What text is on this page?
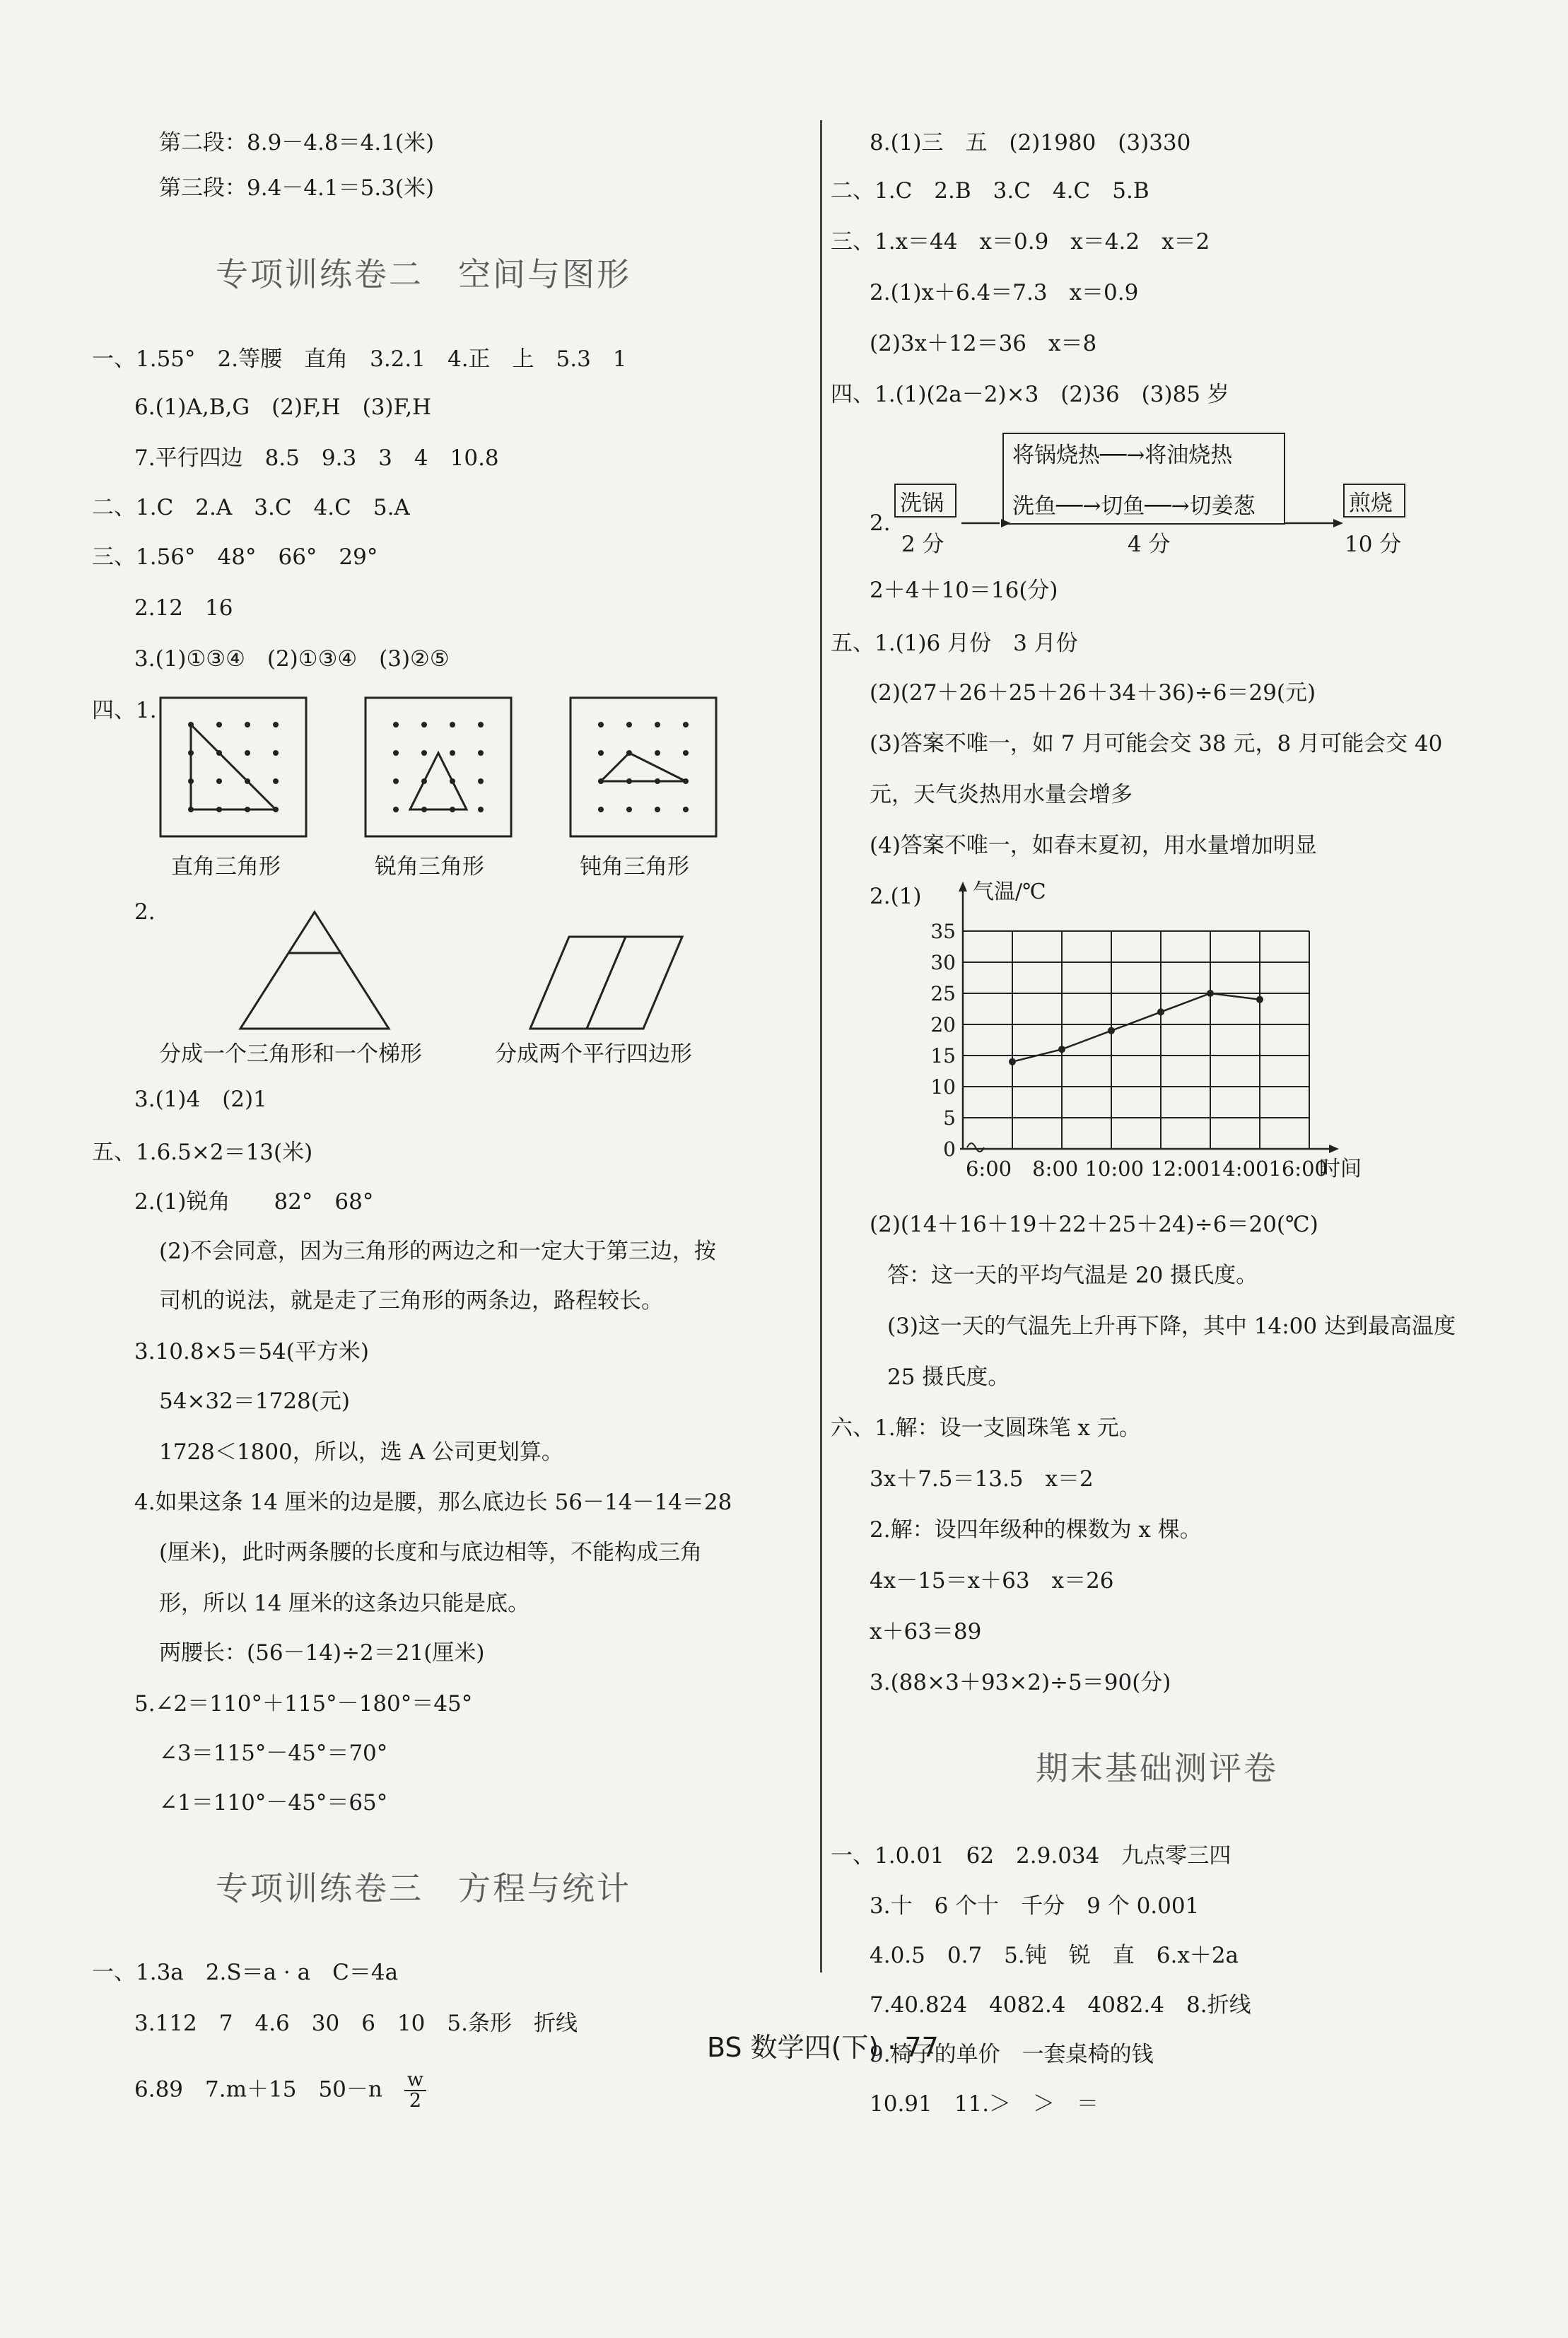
第二段：8.9－4.8＝4.1(米)
第三段：9.4－4.1＝5.3(米)
专项训练卷二　空间与图形
一、1.55°　2.等腰　直角　3.2.1　4.正　上　5.3　1
6.(1)A,B,G　(2)F,H　(3)F,H
7.平行四边　8.5　9.3　3　4　10.8
二、1.C　2.A　3.C　4.C　5.A
三、1.56°　48°　66°　29°
2.12　16
3.(1)①③④　(2)①③④　(3)②⑤
四、1.
直角三角形	锐角三角形	钝角三角形
2.
分成一个三角形和一个梯形	分成两个平行四边形
3.(1)4　(2)1
五、1.6.5×2＝13(米)
2.(1)锐角　　82°　68°
(2)不会同意，因为三角形的两边之和一定大于第三边，按
司机的说法，就是走了三角形的两条边，路程较长。
3.10.8×5＝54(平方米)
54×32＝1728(元)
1728＜1800，所以，选 A 公司更划算。
4.如果这条 14 厘米的边是腰，那么底边长 56－14－14＝28
(厘米)，此时两条腰的长度和与底边相等，不能构成三角
形，所以 14 厘米的这条边只能是底。
两腰长：(56－14)÷2＝21(厘米)
5.∠2＝110°＋115°－180°＝45°
∠3＝115°－45°＝70°
∠1＝110°－45°＝65°
专项训练卷三　方程与统计
一、1.3a　2.S＝a · a　C＝4a
3.112　7　4.6　30　6　10　5.条形　折线
6.89　7.m＋15　50－n　 $\frac{w}{2}$
8.(1)三　五　(2)1980　(3)330
二、1.C　2.B　3.C　4.C　5.B
三、1.x＝44　x＝0.9　x＝4.2　x＝2
2.(1)x＋6.4＝7.3　x＝0.9
(2)3x＋12＝36　x＝8
四、1.(1)(2a－2)×3　(2)36　(3)85 岁
将锅烧热──→将油烧热
洗鱼──→切鱼──→切姜葱
洗锅	煎烧
2.
2 分	4 分	10 分
2＋4＋10＝16(分)
五、1.(1)6 月份　3 月份
(2)(27＋26＋25＋26＋34＋36)÷6＝29(元)
(3)答案不唯一，如 7 月可能会交 38 元，8 月可能会交 40
元，天气炎热用水量会增多
(4)答案不唯一，如春末夏初，用水量增加明显
2.(1) 气温/℃
时间
0
5
10
15
20
25
30
35
6:00　8:00 10:00 12:0014:0016:00
(2)(14＋16＋19＋22＋25＋24)÷6＝20(℃)
答：这一天的平均气温是 20 摄氏度。
(3)这一天的气温先上升再下降，其中 14:00 达到最高温度
25 摄氏度。
六、1.解：设一支圆珠笔 x 元。
3x＋7.5＝13.5　x＝2
2.解：设四年级种的棵数为 x 棵。
4x－15＝x＋63　x＝26
x＋63＝89
3.(88×3＋93×2)÷5＝90(分)
期末基础测评卷
一、1.0.01　62　2.9.034　九点零三四
3.十　6 个十　千分　9 个 0.001
4.0.5　0.7　5.钝　锐　直　6.x＋2a
7.40.824　4082.4　4082.4　8.折线
9.椅子的单价　一套桌椅的钱
10.91　11.＞　＞　＝
BS 数学四(下) · 77
